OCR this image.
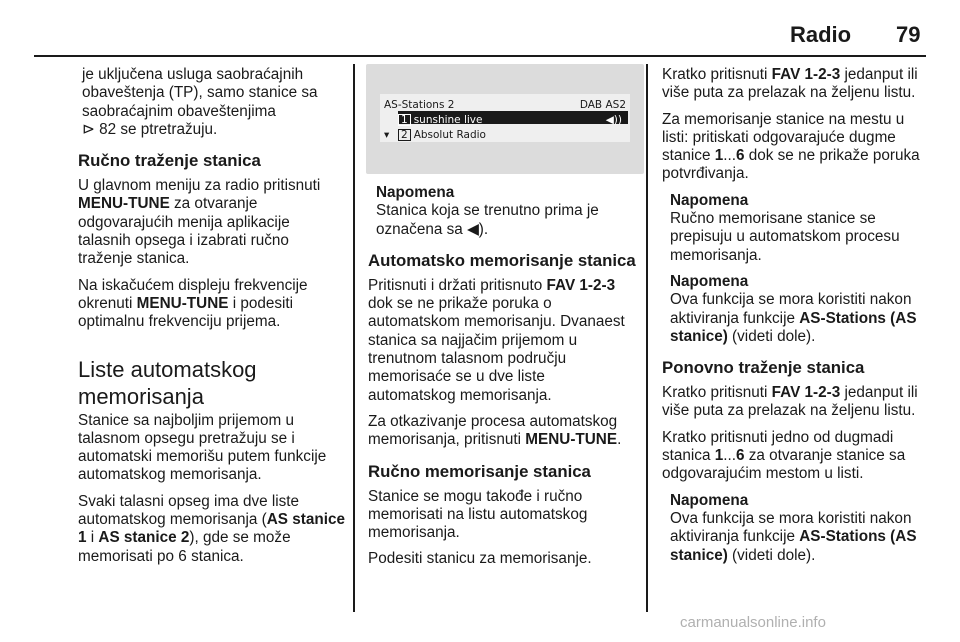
Radio 79

je uključena usluga saobraćajnih obaveštenja (TP), samo stanice sa saobraćajnim obaveštenjima
⊳ 82 se ptretražuju.

Ručno traženje stanica

U glavnom meniju za radio pritisnuti MENU-TUNE za otvaranje odgovarajućih menija aplikacije talasnih opsega i izabrati ručno traženje stanica.

Na iskačućem displeju frekvencije okrenuti MENU-TUNE i podesiti optimalnu frekvenciju prijema.

Liste automatskog memorisanja

Stanice sa najboljim prijemom u talasnom opsegu pretražuju se i automatski memorišu putem funkcije automatskog memorisanja.

Svaki talasni opseg ima dve liste automatskog memorisanja (AS stanice 1 i AS stanice 2), gde se može memorisati po 6 stanica.

AS-Stations 2	DAB AS2
1 sunshine live	◀))
2 Absolut Radio
▾
Napomena
Stanica koja se trenutno prima je označena sa ◀).
Automatsko memorisanje stanica

Pritisnuti i držati pritisnuto FAV 1-2-3 dok se ne prikaže poruka o automatskom memorisanju. Dvanaest stanica sa najjačim prijemom u trenutnom talasnom području memorisaće se u dve liste automatskog memorisanja.

Za otkazivanje procesa automatskog memorisanja, pritisnuti MENU-TUNE.

Ručno memorisanje stanica

Stanice se mogu takođe i ručno memorisati na listu automatskog memorisanja.

Podesiti stanicu za memorisanje.

Kratko pritisnuti FAV 1-2-3 jedanput ili više puta za prelazak na željenu listu.

Za memorisanje stanice na mestu u listi: pritiskati odgovarajuće dugme stanice 1...6 dok se ne prikaže poruka potvrđivanja.

Napomena
Ručno memorisane stanice se prepisuju u automatskom procesu memorisanja.
Napomena
Ova funkcija se mora koristiti nakon aktiviranja funkcije AS-Stations (AS stanice) (videti dole).
Ponovno traženje stanica

Kratko pritisnuti FAV 1-2-3 jedanput ili više puta za prelazak na željenu listu.

Kratko pritisnuti jedno od dugmadi stanica 1...6 za otvaranje stanice sa odgovarajućim mestom u listi.

Napomena
Ova funkcija se mora koristiti nakon aktiviranja funkcije AS-Stations (AS stanice) (videti dole).
carmanualsonline.info
